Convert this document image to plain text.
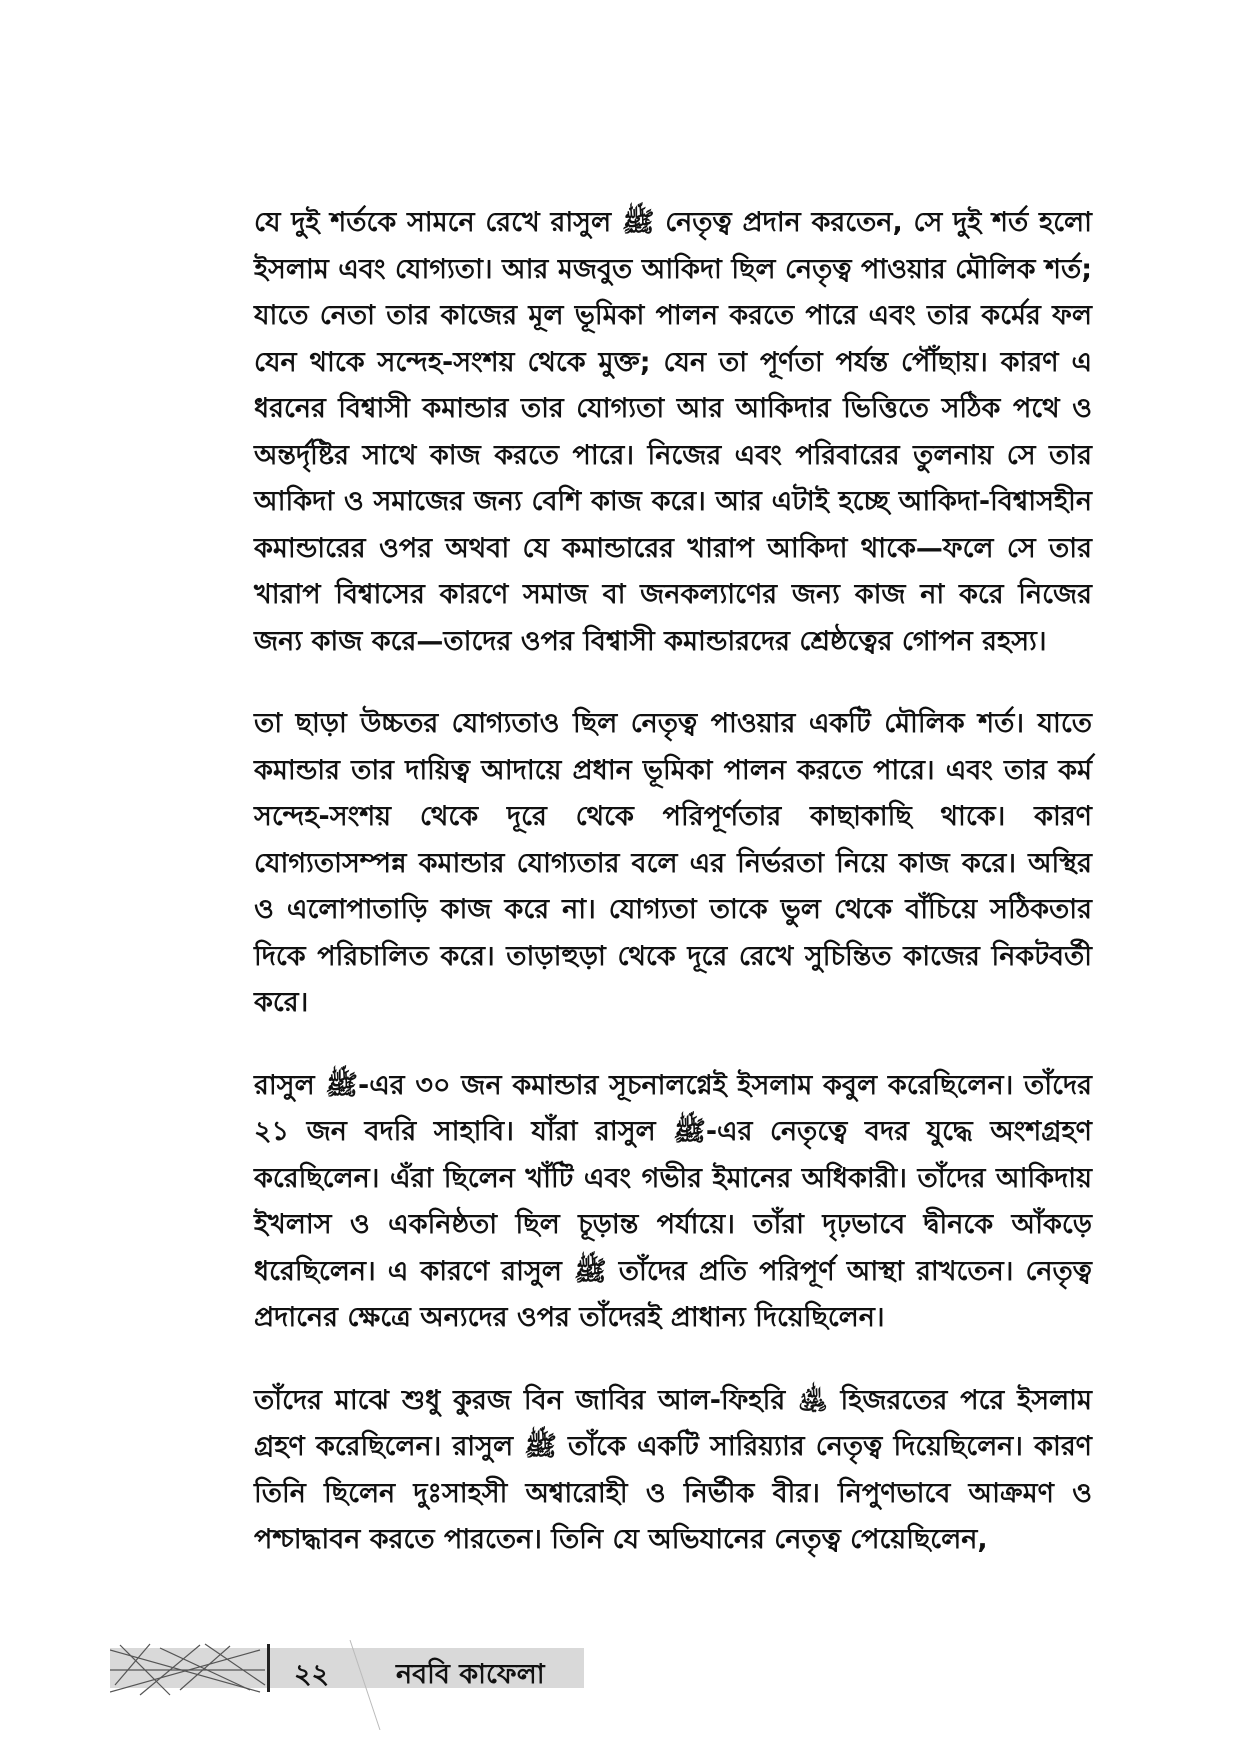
যে দুই শর্তকে সামনে রেখে রাসুল ﷺ নেতৃত্ব প্রদান করতেন, সে দুই শর্ত হলো ইসলাম এবং যোগ্যতা। আর মজবুত আকিদা ছিল নেতৃত্ব পাওয়ার মৌলিক শর্ত; যাতে নেতা তার কাজের মূল ভূমিকা পালন করতে পারে এবং তার কর্মের ফল যেন থাকে সন্দেহ-সংশয় থেকে মুক্ত; যেন তা পূর্ণতা পর্যন্ত পৌঁছায়। কারণ এ ধরনের বিশ্বাসী কমান্ডার তার যোগ্যতা আর আকিদার ভিত্তিতে সঠিক পথে ও অন্তর্দৃষ্টির সাথে কাজ করতে পারে। নিজের এবং পরিবারের তুলনায় সে তার আকিদা ও সমাজের জন্য বেশি কাজ করে। আর এটাই হচ্ছে আকিদা-বিশ্বাসহীন কমান্ডারের ওপর অথবা যে কমান্ডারের খারাপ আকিদা থাকে—ফলে সে তার খারাপ বিশ্বাসের কারণে সমাজ বা জনকল্যাণের জন্য কাজ না করে নিজের জন্য কাজ করে—তাদের ওপর বিশ্বাসী কমান্ডারদের শ্রেষ্ঠত্বের গোপন রহস্য।

তা ছাড়া উচ্চতর যোগ্যতাও ছিল নেতৃত্ব পাওয়ার একটি মৌলিক শর্ত। যাতে কমান্ডার তার দায়িত্ব আদায়ে প্রধান ভূমিকা পালন করতে পারে। এবং তার কর্ম সন্দেহ-সংশয় থেকে দূরে থেকে পরিপূর্ণতার কাছাকাছি থাকে। কারণ যোগ্যতাসম্পন্ন কমান্ডার যোগ্যতার বলে এর নির্ভরতা নিয়ে কাজ করে। অস্থির ও এলোপাতাড়ি কাজ করে না। যোগ্যতা তাকে ভুল থেকে বাঁচিয়ে সঠিকতার দিকে পরিচালিত করে। তাড়াহুড়া থেকে দূরে রেখে সুচিন্তিত কাজের নিকটবর্তী করে।

রাসুল ﷺ-এর ৩০ জন কমান্ডার সূচনালগ্নেই ইসলাম কবুল করেছিলেন। তাঁদের ২১ জন বদরি সাহাবি। যাঁরা রাসুল ﷺ-এর নেতৃত্বে বদর যুদ্ধে অংশগ্রহণ করেছিলেন। এঁরা ছিলেন খাঁটি এবং গভীর ইমানের অধিকারী। তাঁদের আকিদায় ইখলাস ও একনিষ্ঠতা ছিল চূড়ান্ত পর্যায়ে। তাঁরা দৃঢ়ভাবে দ্বীনকে আঁকড়ে ধরেছিলেন। এ কারণে রাসুল ﷺ তাঁদের প্রতি পরিপূর্ণ আস্থা রাখতেন। নেতৃত্ব প্রদানের ক্ষেত্রে অন্যদের ওপর তাঁদেরই প্রাধান্য দিয়েছিলেন।

তাঁদের মাঝে শুধু কুরজ বিন জাবির আল-ফিহরি ﵁ হিজরতের পরে ইসলাম গ্রহণ করেছিলেন। রাসুল ﷺ তাঁকে একটি সারিয়্যার নেতৃত্ব দিয়েছিলেন। কারণ তিনি ছিলেন দুঃসাহসী অশ্বারোহী ও নির্ভীক বীর। নিপুণভাবে আক্রমণ ও পশ্চাদ্ধাবন করতে পারতেন। তিনি যে অভিযানের নেতৃত্ব পেয়েছিলেন,

২২ নববি কাফেলা
